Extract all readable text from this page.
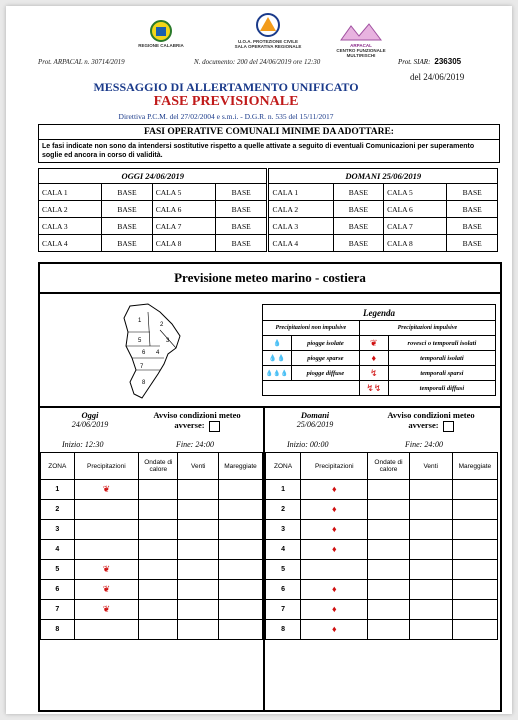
REGIONE CALABRIA
U.O.A. PROTEZIONE CIVILE
SALA OPERATIVA REGIONALE	ARPACAL
CENTRO FUNZIONALE MULTIRISCHI
Prot. ARPACAL n. 30714/2019	N. documento: 200 del 24/06/2019 ore 12:30	Prot. SIAR: 236305
MESSAGGIO DI ALLERTAMENTO UNIFICATO
del 24/06/2019
FASE PREVISIONALE
Direttiva P.C.M. del 27/02/2004 e s.m.i. - D.G.R. n. 535 del 15/11/2017
FASI OPERATIVE COMUNALI MINIME DA ADOTTARE:
Le fasi indicate non sono da intendersi sostitutive rispetto a quelle attivate a seguito di eventuali Comunicazioni per superamento soglie ed ancora in corso di validità.
OGGI 24/06/2019				DOMANI 25/06/2019			
CALA 1	BASE	CALA 5	BASE	CALA 1	BASE	CALA 5	BASE
CALA 2	BASE	CALA 6	BASE	CALA 2	BASE	CALA 6	BASE
CALA 3	BASE	CALA 7	BASE	CALA 3	BASE	CALA 7	BASE
CALA 4	BASE	CALA 8	BASE	CALA 4	BASE	CALA 8	BASE
Previsione meteo marino - costiera
1
2
3
4
5
6
7
8
Legenda			
Precipitazioni non impulsive		Precipitazioni impulsive	
💧	piogge isolate	❦	rovesci o temporali isolati
💧💧	piogge sparse	♦	temporali isolati
💧💧💧	piogge diffuse	↯	temporali sparsi
		↯↯	temporali diffusi
Oggi
24/06/2019
Avviso condizioni meteo avverse:
Inizio: 12:30	Fine: 24:00
Domani
25/06/2019
Avviso condizioni meteo avverse:
Inizio: 00:00	Fine: 24:00
ZONA	Precipitazioni	Ondate di calore	Venti	Mareggiate
1	❦			
2				
3				
4				
5	❦			
6	❦			
7	❦			
8				
ZONA	Precipitazioni	Ondate di calore	Venti	Mareggiate
1	♦			
2	♦			
3	♦			
4	♦			
5				
6	♦			
7	♦			
8	♦			
